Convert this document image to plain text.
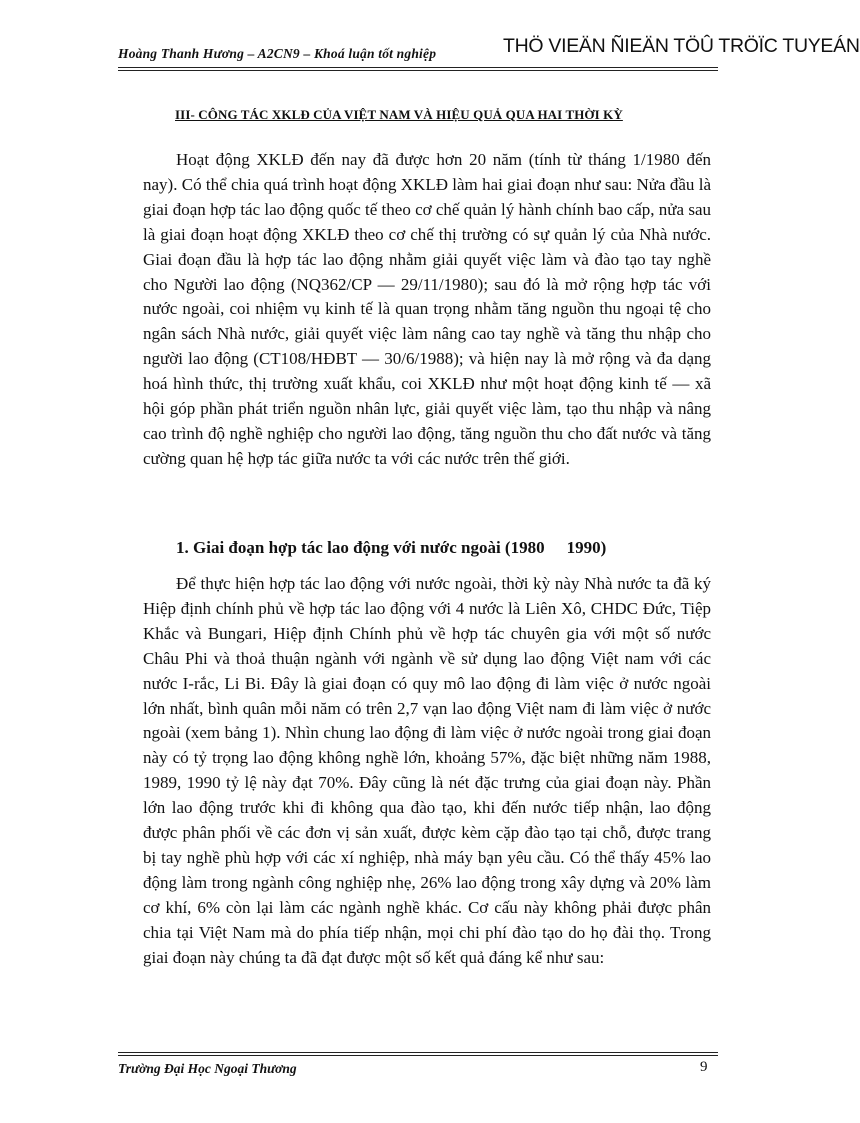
Hoàng Thanh Hương – A2CN9 – Khoá luận tốt nghiệp	THÖ VIEÄN ÑIEÄN TÖÛ TRÖÏC TUYEÁN
III- CÔNG TÁC XKLĐ CỦA VIỆT NAM VÀ HIỆU QUẢ QUA HAI THỜI KỲ

Hoạt động XKLĐ đến nay đã được hơn 20 năm (tính từ tháng 1/1980 đến nay). Có thể chia quá trình hoạt động XKLĐ làm hai giai đoạn như sau: Nửa đầu là giai đoạn hợp tác lao động quốc tế theo cơ chế quản lý hành chính bao cấp, nửa sau là giai đoạn hoạt động XKLĐ theo cơ chế thị trường có sự quản lý của Nhà nước. Giai đoạn đầu là hợp tác lao động nhằm giải quyết việc làm và đào tạo tay nghề cho Người lao động (NQ362/CP — 29/11/1980); sau đó là mở rộng hợp tác với nước ngoài, coi nhiệm vụ kinh tế là quan trọng nhằm tăng nguồn thu ngoại tệ cho ngân sách Nhà nước, giải quyết việc làm nâng cao tay nghề và tăng thu nhập cho người lao động (CT108/HĐBT — 30/6/1988); và hiện nay là mở rộng và đa dạng hoá hình thức, thị trường xuất khẩu, coi XKLĐ như một hoạt động kinh tế — xã hội góp phần phát triển nguồn nhân lực, giải quyết việc làm, tạo thu nhập và nâng cao trình độ nghề nghiệp cho người lao động, tăng nguồn thu cho đất nước và tăng cường quan hệ hợp tác giữa nước ta với các nước trên thế giới.

1. Giai đoạn hợp tác lao động với nước ngoài (1980 1990)

Để thực hiện hợp tác lao động với nước ngoài, thời kỳ này Nhà nước ta đã ký Hiệp định chính phủ về hợp tác lao động với 4 nước là Liên Xô, CHDC Đức, Tiệp Khắc và Bungari, Hiệp định Chính phủ về hợp tác chuyên gia với một số nước Châu Phi và thoả thuận ngành với ngành về sử dụng lao động Việt nam với các nước I-rắc, Li Bi. Đây là giai đoạn có quy mô lao động đi làm việc ở nước ngoài lớn nhất, bình quân mỗi năm có trên 2,7 vạn lao động Việt nam đi làm việc ở nước ngoài (xem bảng 1). Nhìn chung lao động đi làm việc ở nước ngoài trong giai đoạn này có tỷ trọng lao động không nghề lớn, khoảng 57%, đặc biệt những năm 1988, 1989, 1990 tỷ lệ này đạt 70%. Đây cũng là nét đặc trưng của giai đoạn này. Phần lớn lao động trước khi đi không qua đào tạo, khi đến nước tiếp nhận, lao động được phân phối về các đơn vị sản xuất, được kèm cặp đào tạo tại chỗ, được trang bị tay nghề phù hợp với các xí nghiệp, nhà máy bạn yêu cầu. Có thể thấy 45% lao động làm trong ngành công nghiệp nhẹ, 26% lao động trong xây dựng và 20% làm cơ khí, 6% còn lại làm các ngành nghề khác. Cơ cấu này không phải được phân chia tại Việt Nam mà do phía tiếp nhận, mọi chi phí đào tạo do họ đài thọ. Trong giai đoạn này chúng ta đã đạt được một số kết quả đáng kể như sau:

Trường Đại Học Ngoại Thương	9
